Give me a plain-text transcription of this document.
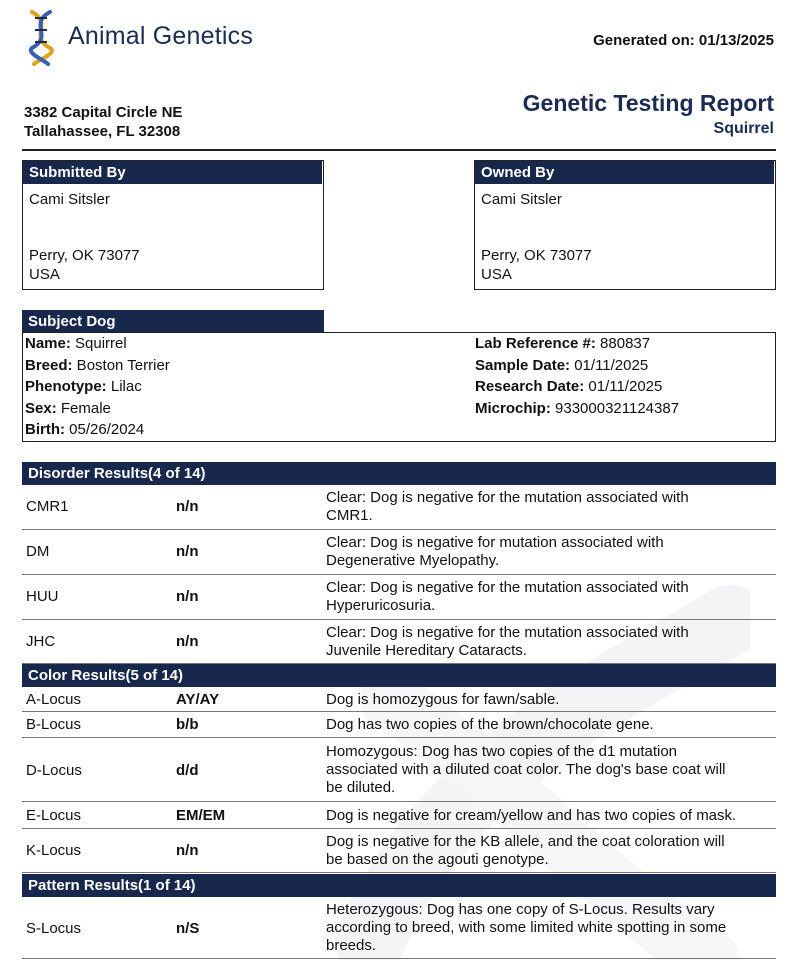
Animal Genetics	Generated on: 01/13/2025
3382 Capital Circle NE
Tallahassee, FL 32308
Genetic Testing Report
Squirrel
Submitted By
Cami Sitsler
Perry, OK 73077
USA
Owned By
Cami Sitsler
Perry, OK 73077
USA
Subject Dog
Name: Squirrel
Breed: Boston Terrier
Phenotype: Lilac
Sex: Female
Birth: 05/26/2024
Lab Reference #: 880837
Sample Date: 01/11/2025
Research Date: 01/11/2025
Microchip: 933000321124387
Disorder Results(4 of 14)
CMR1	n/n
Clear: Dog is negative for the mutation associated with
CMR1.
DM	n/n
Clear: Dog is negative for mutation associated with
Degenerative Myelopathy.
HUU	n/n
Clear: Dog is negative for the mutation associated with
Hyperuricosuria.
JHC	n/n
Clear: Dog is negative for the mutation associated with
Juvenile Hereditary Cataracts.
Color Results(5 of 14)
A-Locus	AY/AY	Dog is homozygous for fawn/sable.
B-Locus	b/b	Dog has two copies of the brown/chocolate gene.
D-Locus	d/d
Homozygous: Dog has two copies of the d1 mutation
associated with a diluted coat color. The dog's base coat will
be diluted.
E-Locus	EM/EM	Dog is negative for cream/yellow and has two copies of mask.
K-Locus	n/n
Dog is negative for the KB allele, and the coat coloration will
be based on the agouti genotype.
Pattern Results(1 of 14)
S-Locus	n/S
Heterozygous: Dog has one copy of S-Locus. Results vary
according to breed, with some limited white spotting in some
breeds.
